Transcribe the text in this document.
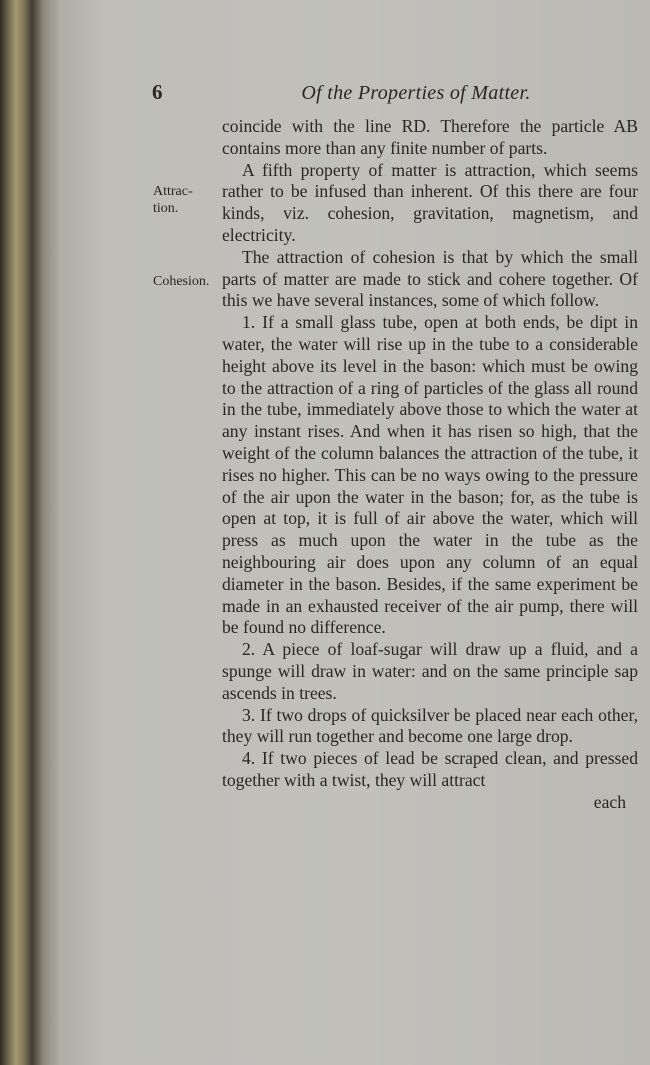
6	Of the Properties of Matter.
Attrac-
tion.
Cohesion.

coincide with the line RD. Therefore the particle AB contains more than any finite number of parts.

A fifth property of matter is attraction, which seems rather to be infused than inherent. Of this there are four kinds, viz. cohesion, gravitation, magnetism, and electricity.

The attraction of cohesion is that by which the small parts of matter are made to stick and cohere together. Of this we have several instances, some of which follow.

1. If a small glass tube, open at both ends, be dipt in water, the water will rise up in the tube to a considerable height above its level in the bason: which must be owing to the attraction of a ring of particles of the glass all round in the tube, immediately above those to which the water at any instant rises. And when it has risen so high, that the weight of the column balances the attraction of the tube, it rises no higher. This can be no ways owing to the pressure of the air upon the water in the bason; for, as the tube is open at top, it is full of air above the water, which will press as much upon the water in the tube as the neighbouring air does upon any column of an equal diameter in the bason. Besides, if the same experiment be made in an exhausted receiver of the air pump, there will be found no difference.

2. A piece of loaf-sugar will draw up a fluid, and a spunge will draw in water: and on the same principle sap ascends in trees.

3. If two drops of quicksilver be placed near each other, they will run together and become one large drop.

4. If two pieces of lead be scraped clean, and pressed together with a twist, they will attract

each
